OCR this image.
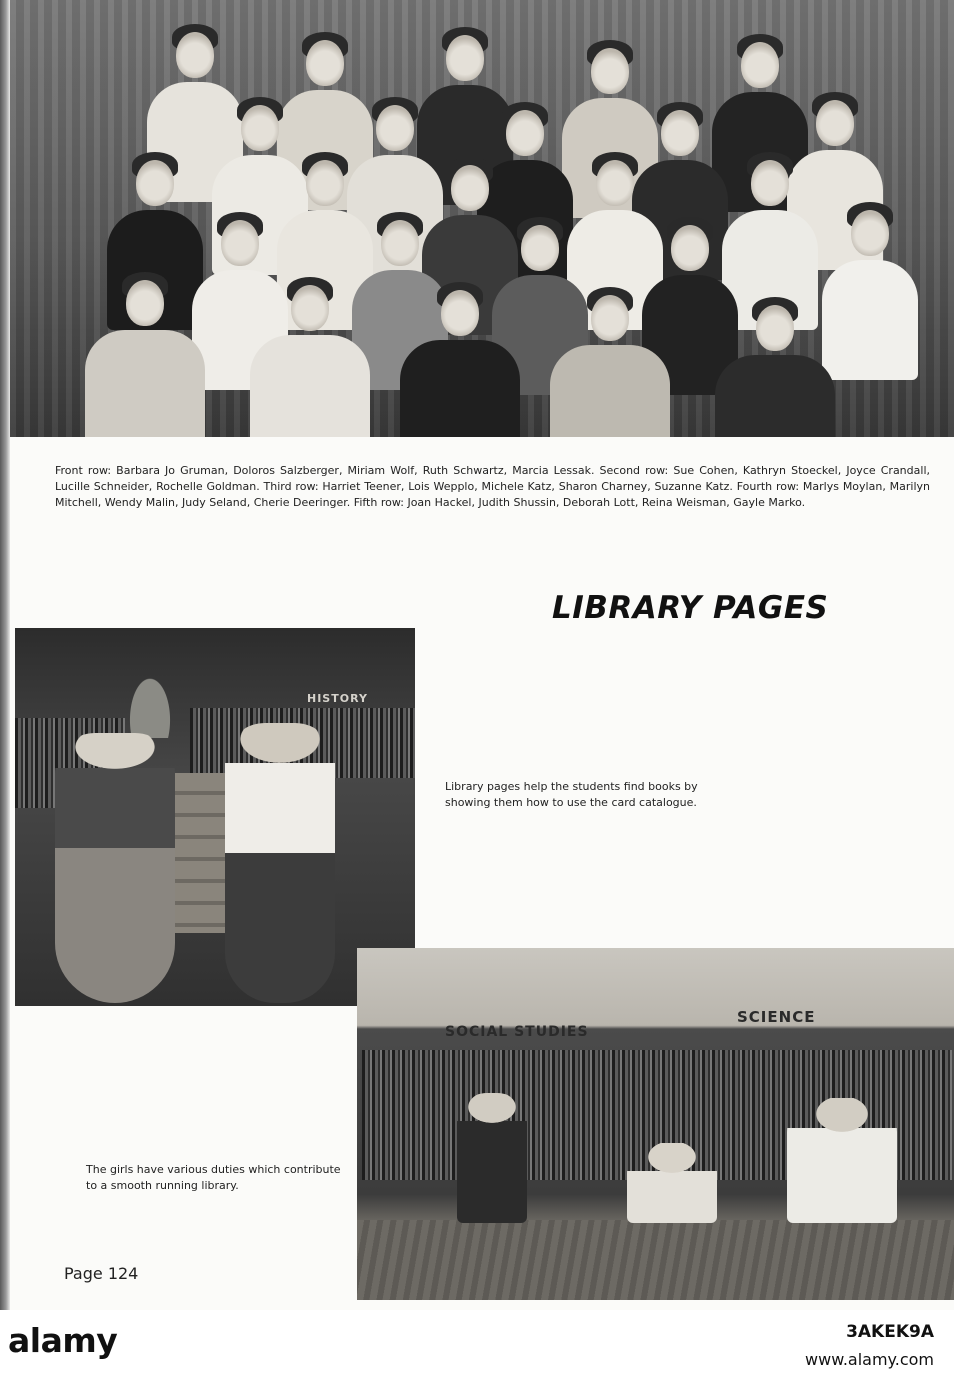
Front row: Barbara Jo Gruman, Doloros Salzberger, Miriam Wolf, Ruth Schwartz, Marcia Lessak. Second row: Sue Cohen, Kathryn Stoeckel, Joyce Crandall, Lucille Schneider, Rochelle Goldman. Third row: Harriet Teener, Lois Wepplo, Michele Katz, Sharon Charney, Suzanne Katz. Fourth row: Marlys Moylan, Marilyn Mitchell, Wendy Malin, Judy Seland, Cherie Deeringer. Fifth row: Joan Hackel, Judith Shussin, Deborah Lott, Reina Weisman, Gayle Marko.

LIBRARY PAGES
HISTORY

Library pages help the students find books by showing them how to use the card catalogue.

SOCIAL STUDIES
SCIENCE

The girls have various duties which contribute to a smooth running library.

Page 124
alamy	3AKEK9A
www.alamy.com
